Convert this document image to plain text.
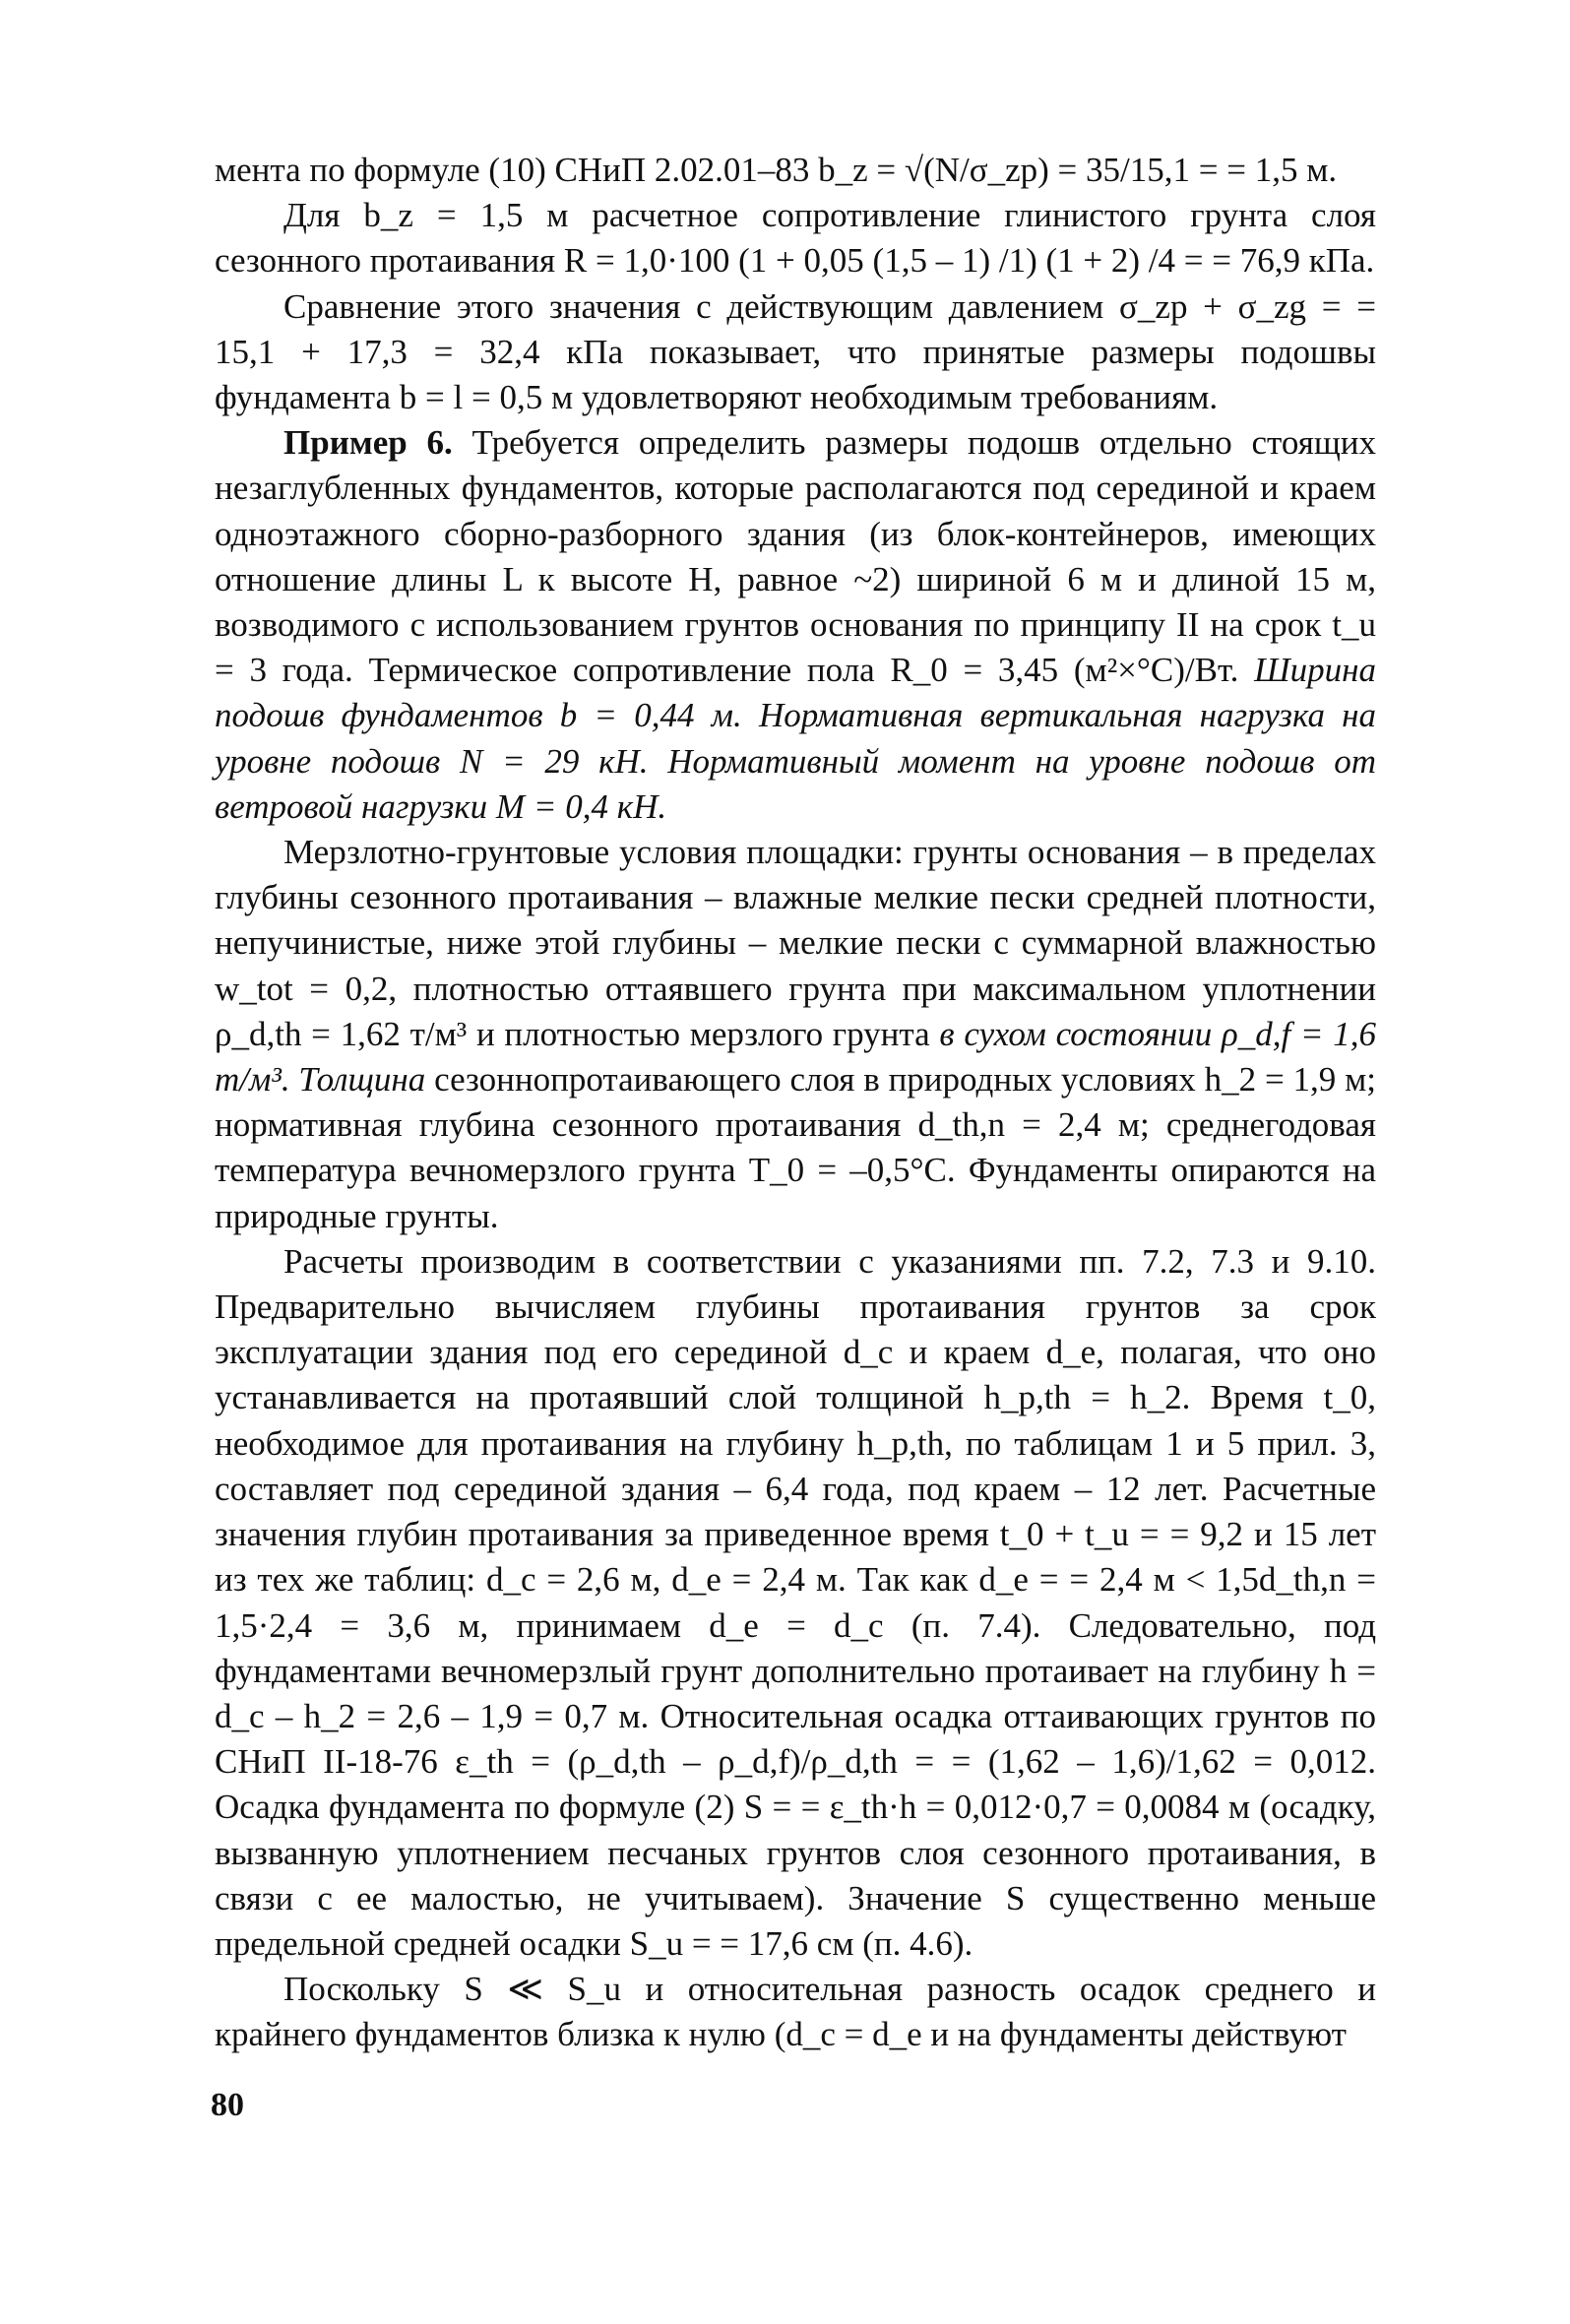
мента по формуле (10) СНиП 2.02.01–83 b_z = √(N/σ_zp) = 35/15,1 = = 1,5 м.

Для b_z = 1,5 м расчетное сопротивление глинистого грунта слоя сезонного протаивания R = 1,0·100 (1 + 0,05 (1,5 – 1) /1) (1 + 2) /4 = = 76,9 кПа.

Сравнение этого значения с действующим давлением σ_zp + σ_zg = = 15,1 + 17,3 = 32,4 кПа показывает, что принятые размеры подошвы фундамента b = l = 0,5 м удовлетворяют необходимым требованиям.

Пример 6. Требуется определить размеры подошв отдельно стоящих незаглубленных фундаментов, которые располагаются под серединой и краем одноэтажного сборно-разборного здания (из блок-контейнеров, имеющих отношение длины L к высоте H, равное ~2) шириной 6 м и длиной 15 м, возводимого с использованием грунтов основания по принципу II на срок t_u = 3 года. Термическое сопротивление пола R_0 = 3,45 (м²×°C)/Вт. Ширина подошв фундаментов b = 0,44 м. Нормативная вертикальная нагрузка на уровне подошв N = 29 кН. Нормативный момент на уровне подошв от ветровой нагрузки M = 0,4 кН.

Мерзлотно-грунтовые условия площадки: грунты основания – в пределах глубины сезонного протаивания – влажные мелкие пески средней плотности, непучинистые, ниже этой глубины – мелкие пески с суммарной влажностью w_tot = 0,2, плотностью оттаявшего грунта при максимальном уплотнении ρ_d,th = 1,62 т/м³ и плотностью мерзлого грунта в сухом состоянии ρ_d,f = 1,6 т/м³. Толщина сезоннопротаивающего слоя в природных условиях h_2 = 1,9 м; нормативная глубина сезонного протаивания d_th,n = 2,4 м; среднегодовая температура вечномерзлого грунта T_0 = –0,5°С. Фундаменты опираются на природные грунты.

Расчеты производим в соответствии с указаниями пп. 7.2, 7.3 и 9.10. Предварительно вычисляем глубины протаивания грунтов за срок эксплуатации здания под его серединой d_c и краем d_e, полагая, что оно устанавливается на протаявший слой толщиной h_p,th = h_2. Время t_0, необходимое для протаивания на глубину h_p,th, по таблицам 1 и 5 прил. 3, составляет под серединой здания – 6,4 года, под краем – 12 лет. Расчетные значения глубин протаивания за приведенное время t_0 + t_u = = 9,2 и 15 лет из тех же таблиц: d_c = 2,6 м, d_e = 2,4 м. Так как d_e = = 2,4 м < 1,5d_th,n = 1,5·2,4 = 3,6 м, принимаем d_e = d_c (п. 7.4). Следовательно, под фундаментами вечномерзлый грунт дополнительно протаивает на глубину h = d_c – h_2 = 2,6 – 1,9 = 0,7 м. Относительная осадка оттаивающих грунтов по СНиП II-18-76 ε_th = (ρ_d,th – ρ_d,f)/ρ_d,th = = (1,62 – 1,6)/1,62 = 0,012. Осадка фундамента по формуле (2) S = = ε_th·h = 0,012·0,7 = 0,0084 м (осадку, вызванную уплотнением песчаных грунтов слоя сезонного протаивания, в связи с ее малостью, не учитываем). Значение S существенно меньше предельной средней осадки S_u = = 17,6 см (п. 4.6).

Поскольку S ≪ S_u и относительная разность осадок среднего и крайнего фундаментов близка к нулю (d_c = d_e и на фундаменты действуют

80
